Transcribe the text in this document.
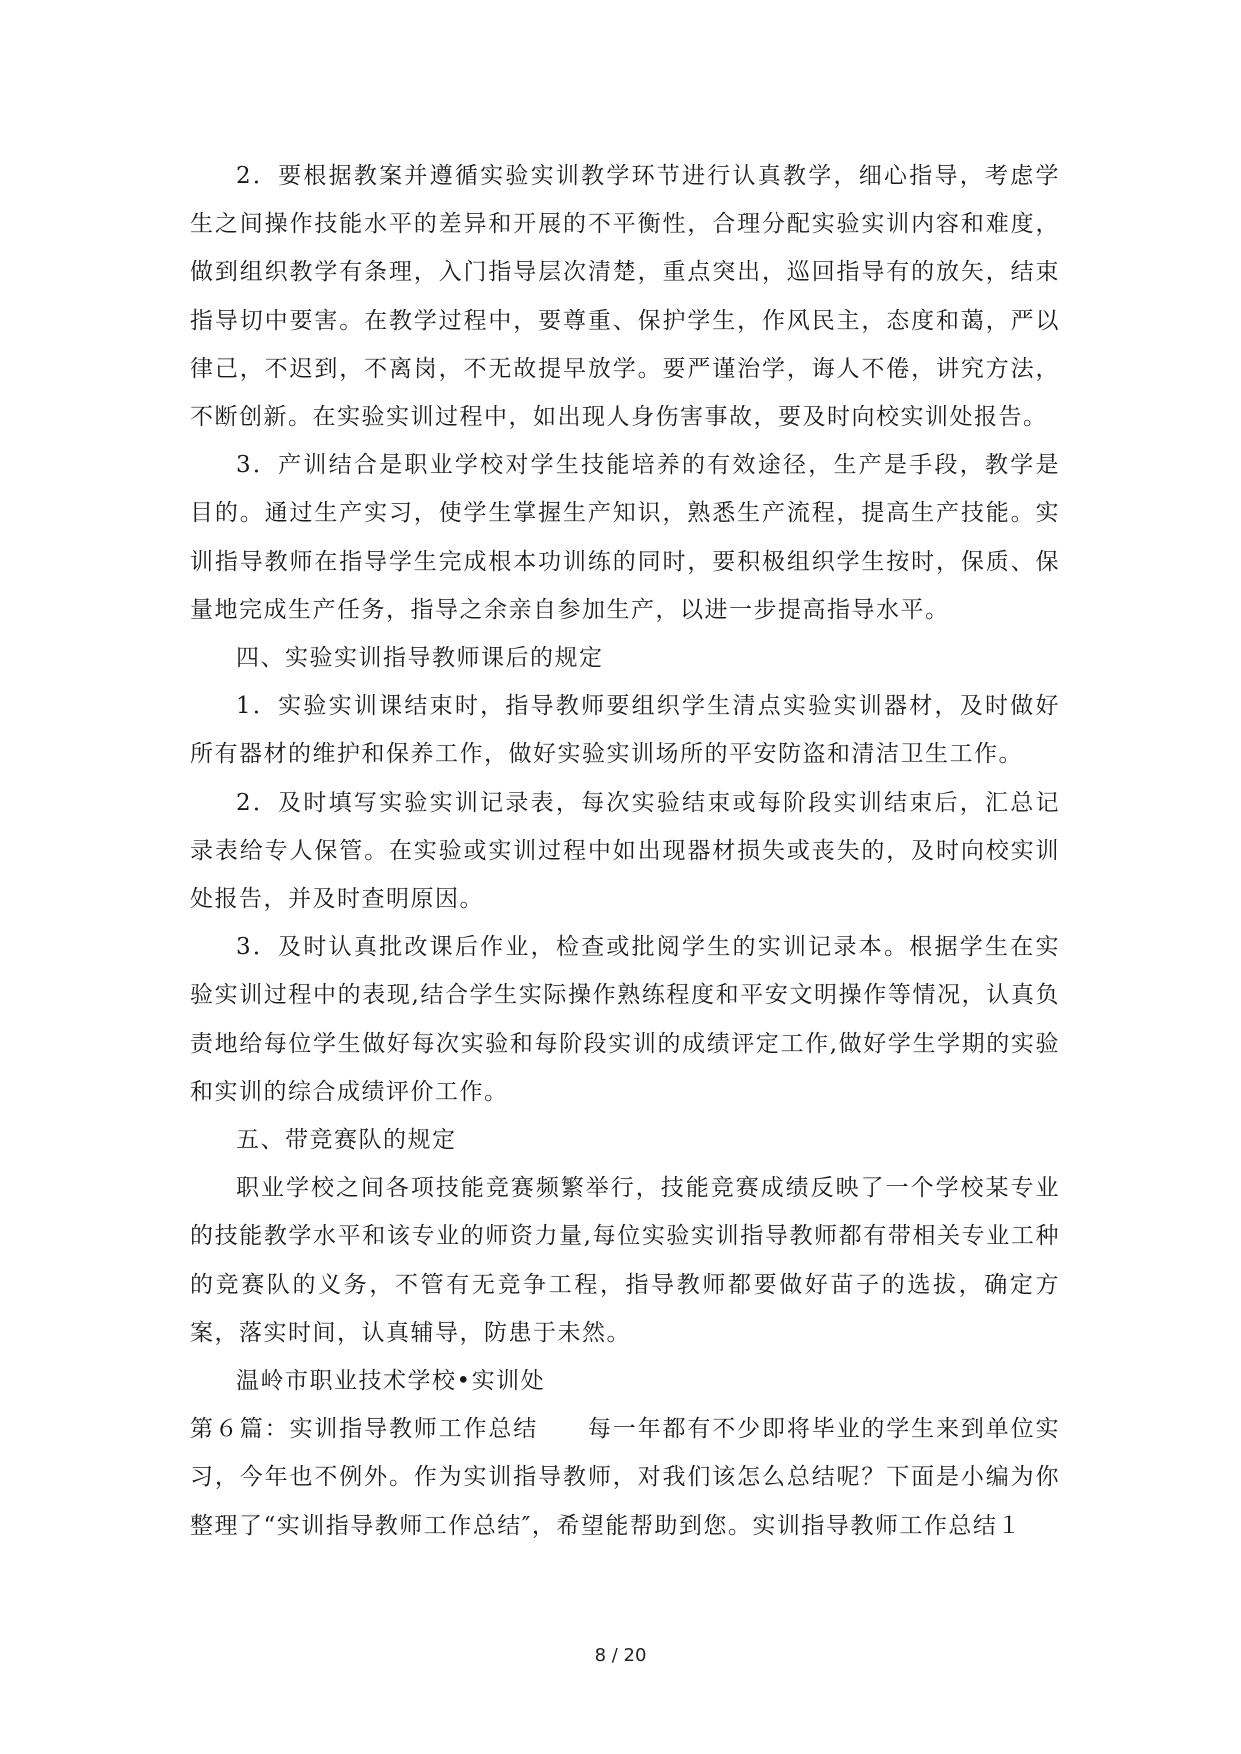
2．要根据教案并遵循实验实训教学环节进行认真教学，细心指导，考虑学生之间操作技能水平的差异和开展的不平衡性，合理分配实验实训内容和难度，做到组织教学有条理，入门指导层次清楚，重点突出，巡回指导有的放矢，结束指导切中要害。在教学过程中，要尊重、保护学生，作风民主，态度和蔼，严以律己，不迟到，不离岗，不无故提早放学。要严谨治学，诲人不倦，讲究方法，不断创新。在实验实训过程中，如出现人身伤害事故，要及时向校实训处报告。

3．产训结合是职业学校对学生技能培养的有效途径，生产是手段，教学是目的。通过生产实习，使学生掌握生产知识，熟悉生产流程，提高生产技能。实训指导教师在指导学生完成根本功训练的同时，要积极组织学生按时，保质、保量地完成生产任务，指导之余亲自参加生产，以进一步提高指导水平。

四、实验实训指导教师课后的规定

1．实验实训课结束时，指导教师要组织学生清点实验实训器材，及时做好所有器材的维护和保养工作，做好实验实训场所的平安防盗和清洁卫生工作。

2．及时填写实验实训记录表，每次实验结束或每阶段实训结束后，汇总记录表给专人保管。在实验或实训过程中如出现器材损失或丧失的，及时向校实训处报告，并及时查明原因。

3．及时认真批改课后作业，检查或批阅学生的实训记录本。根据学生在实验实训过程中的表现,结合学生实际操作熟练程度和平安文明操作等情况，认真负责地给每位学生做好每次实验和每阶段实训的成绩评定工作,做好学生学期的实验和实训的综合成绩评价工作。

五、带竞赛队的规定

职业学校之间各项技能竞赛频繁举行，技能竞赛成绩反映了一个学校某专业的技能教学水平和该专业的师资力量,每位实验实训指导教师都有带相关专业工种的竞赛队的义务，不管有无竞争工程，指导教师都要做好苗子的选拔，确定方案，落实时间，认真辅导，防患于未然。

温岭市职业技术学校•实训处

第６篇：实训指导教师工作总结　　每一年都有不少即将毕业的学生来到单位实习，今年也不例外。作为实训指导教师，对我们该怎么总结呢？下面是小编为你整理了“实训指导教师工作总结″，希望能帮助到您。实训指导教师工作总结１

8 / 20
